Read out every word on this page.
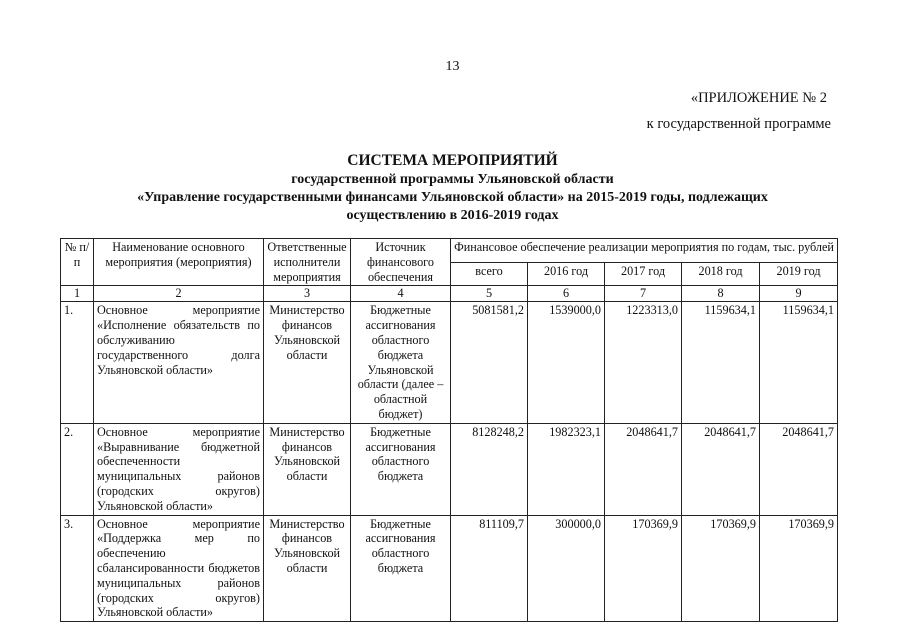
13
«ПРИЛОЖЕНИЕ № 2
к государственной программе
СИСТЕМА МЕРОПРИЯТИЙ
государственной программы Ульяновской области
«Управление государственными финансами Ульяновской области» на 2015-2019 годы, подлежащих
осуществлению в 2016-2019 годах
№ п/п	Наименование основного мероприятия (мероприятия)	Ответственные исполнители мероприятия	Источник финансового обеспечения	Финансовое обеспечение реализации мероприятия по годам, тыс. рублей				
				всего	2016 год	2017 год	2018 год	2019 год
1	2	3	4	5	6	7	8	9
1.	Основное мероприятие «Исполнение обязательств по обслуживанию государственного долга Ульяновской области»	Министерство финансов Ульяновской области	Бюджетные ассигнования областного бюджета Ульяновской области (далее – областной бюджет)	5081581,2	1539000,0	1223313,0	1159634,1	1159634,1
2.	Основное мероприятие «Выравнивание бюджетной обеспеченности муниципальных районов (городских округов) Ульяновской области»	Министерство финансов Ульяновской области	Бюджетные ассигнования областного бюджета	8128248,2	1982323,1	2048641,7	2048641,7	2048641,7
3.	Основное мероприятие «Поддержка мер по обеспечению сбалансированности бюджетов муниципальных районов (городских округов) Ульяновской области»	Министерство финансов Ульяновской области	Бюджетные ассигнования областного бюджета	811109,7	300000,0	170369,9	170369,9	170369,9
